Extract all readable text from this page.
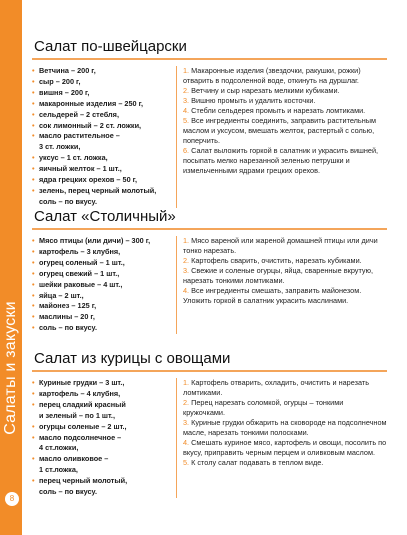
Салаты и закуски
8
Салат по-швейцарски
• Ветчина – 200 г,
• сыр – 200 г,
• вишня – 200 г,
• макаронные изделия – 250 г,
• сельдерей – 2 стебля,
• сок лимонный – 2 ст. ложки,
• масло растительное –
3 ст. ложки,
• уксус – 1 ст. ложка,
• яичный желток – 1 шт.,
• ядра грецких орехов – 50 г,
• зелень, перец черный молотый,
соль – по вкусу.
1. Макаронные изделия (звездочки, ракушки, рожки) отварить в подсоленной воде, откинуть на дуршлаг.
2. Ветчину и сыр нарезать мелкими кубиками.
3. Вишню промыть и удалить косточки.
4. Стебли сельдерея промыть и нарезать ломтиками.
5. Все ингредиенты соединить, заправить растительным маслом и уксусом, вмешать желток, растертый с солью, поперчить.
6. Салат выложить горкой в салатник и украсить вишней, посыпать мелко нарезанной зеленью петрушки и измельченными ядрами грецких орехов.
Салат «Столичный»
• Мясо птицы (или дичи) – 300 г,
• картофель – 3 клубня,
• огурец соленый – 1 шт.,
• огурец свежий – 1 шт.,
• шейки раковые – 4 шт.,
• яйца – 2 шт.,
• майонез – 125 г,
• маслины – 20 г,
• соль – по вкусу.
1. Мясо вареной или жареной домашней птицы или дичи тонко нарезать.
2. Картофель сварить, очистить, нарезать кубиками.
3. Свежие и соленые огурцы, яйца, сваренные вкрутую, нарезать тонкими ломтиками.
4. Все ингредиенты смешать, заправить майонезом. Уложить горкой в салатник украсить маслинами.
Салат из курицы с овощами
• Куриные грудки – 3 шт.,
• картофель – 4 клубня,
• перец сладкий красный
и зеленый – по 1 шт.,
• огурцы соленые – 2 шт.,
• масло подсолнечное –
4 ст.ложки,
• масло оливковое –
1 ст.ложка,
• перец черный молотый,
соль – по вкусу.
1. Картофель отварить, охладить, очистить и нарезать ломтиками.
2. Перец нарезать соломкой, огурцы – тонкими кружочками.
3. Куриные грудки обжарить на сковороде на подсолнечном масле, нарезать тонкими полосками.
4. Смешать куриное мясо, картофель и овощи, посолить по вкусу, приправить черным перцем и оливковым маслом.
5. К столу салат подавать в теплом виде.
